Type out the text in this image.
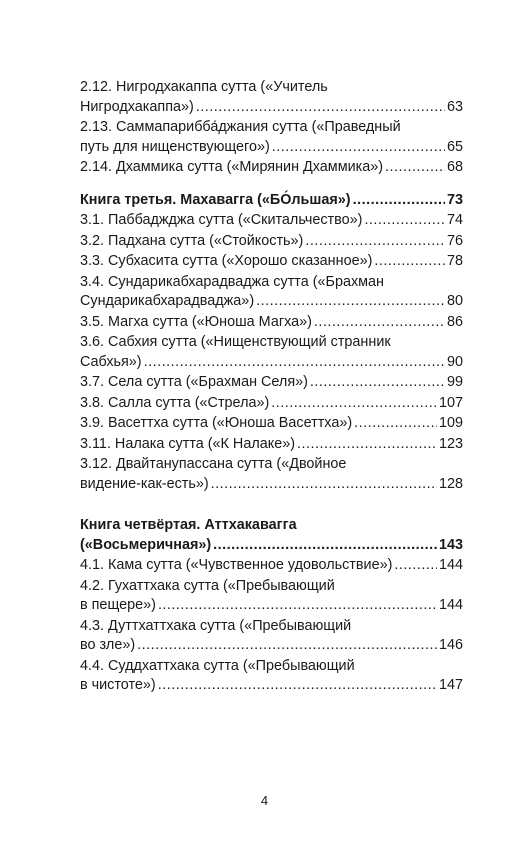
2.12. Нигродхакаппа сутта («Учитель
Нигродхакаппа») .....	63
2.13. Саммапарибба́джания сутта («Праведный
путь для нищенствующего») .....	65
2.14. Дхаммика сутта («Мирянин Дхаммика») .....	68
Книга третья. Махавагга («БО́льшая») .....	73
3.1. Паббаджджа сутта («Скитальчество») .....	74
3.2. Падхана сутта («Стойкость») .....	76
3.3. Субхасита сутта («Хорошо сказанное») .....	78
3.4. Сундарикабхарадваджа сутта («Брахман
Сундарикабхарадваджа») .....	80
3.5. Магха сутта («Юноша Магха») .....	86
3.6. Сабхия сутта («Нищенствующий странник
Сабхья») .....	90
3.7. Села сутта («Брахман Селя») .....	99
3.8. Салла сутта («Стрела») .....	107
3.9. Васеттха сутта («Юноша Васеттха») .....	109
3.11. Налака сутта («К Налаке») .....	123
3.12. Двайтанупассана сутта («Двойное
видение-как-есть») .....	128
Книга четвёртая. Аттхакавагга
(«Восьмеричная») .....	143
4.1. Кама сутта («Чувственное удовольствие») .....	144
4.2. Гухаттхака сутта («Пребывающий
в пещере») .....	144
4.3. Дуттхаттхака сутта («Пребывающий
во зле») .....	146
4.4. Суддхаттхака сутта («Пребывающий
в чистоте») .....	147
4
